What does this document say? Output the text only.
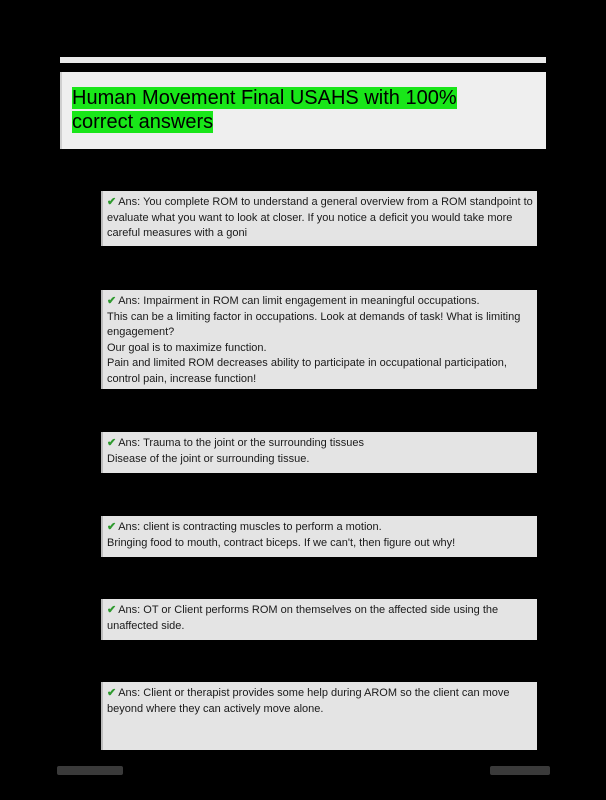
Human Movement Final USAHS with 100% correct answers

✔ Ans: You complete ROM to understand a general overview from a ROM standpoint to evaluate what you want to look at closer. If you notice a deficit you would take more careful measures with a goni

✔ Ans: Impairment in ROM can limit engagement in meaningful occupations.
This can be a limiting factor in occupations. Look at demands of task! What is limiting engagement?
Our goal is to maximize function.
Pain and limited ROM decreases ability to participate in occupational participation, control pain, increase function!

✔ Ans: Trauma to the joint or the surrounding tissues
Disease of the joint or surrounding tissue.

✔ Ans: client is contracting muscles to perform a motion.
Bringing food to mouth, contract biceps. If we can't, then figure out why!

✔ Ans: OT or Client performs ROM on themselves on the affected side using the unaffected side.

✔ Ans: Client or therapist provides some help during AROM so the client can move beyond where they can actively move alone.
